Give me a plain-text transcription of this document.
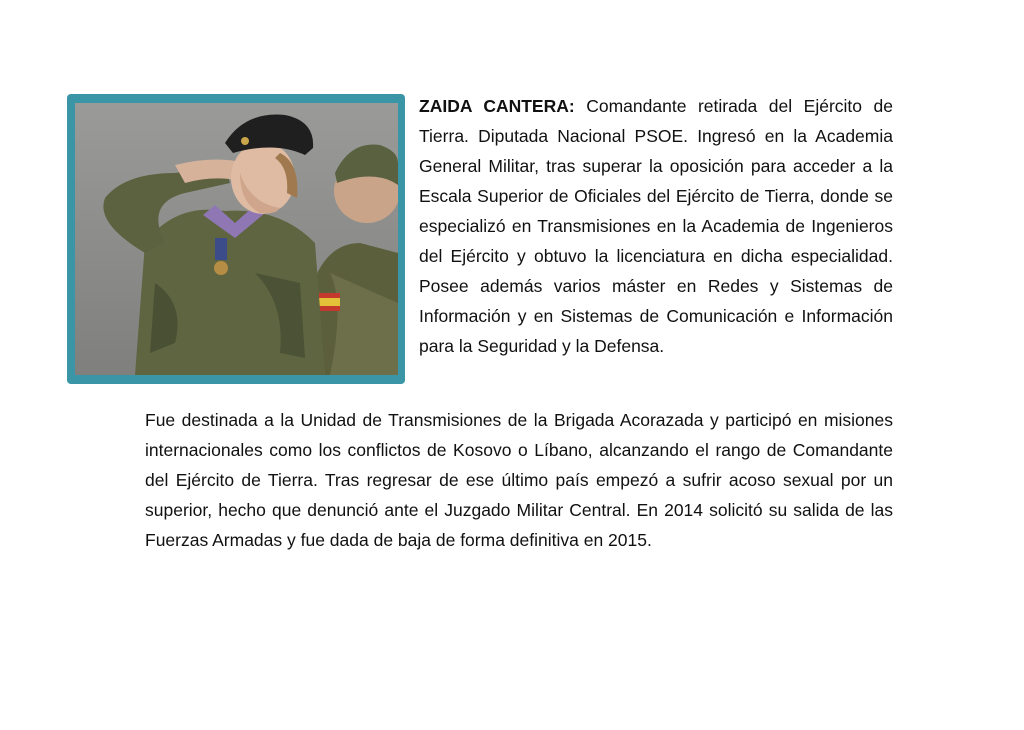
ZAIDA CANTERA: Comandante retirada del Ejército de Tierra. Diputada Nacional PSOE. Ingresó en la Academia General Militar, tras superar la oposición para acceder a la Escala Superior de Oficiales del Ejército de Tierra, donde se especializó en Transmisiones en la Academia de Ingenieros del Ejército y obtuvo la licenciatura en dicha especialidad. Posee además varios máster en Redes y Sistemas de Información y en Sistemas de Comunicación e Información para la Seguridad y la Defensa.

Fue destinada a la Unidad de Transmisiones de la Brigada Acorazada y participó en misiones internacionales como los conflictos de Kosovo o Líbano, alcanzando el rango de Comandante del Ejército de Tierra. Tras regresar de ese último país empezó a sufrir acoso sexual por un superior, hecho que denunció ante el Juzgado Militar Central. En 2014 solicitó su salida de las Fuerzas Armadas y fue dada de baja de forma definitiva en 2015.
